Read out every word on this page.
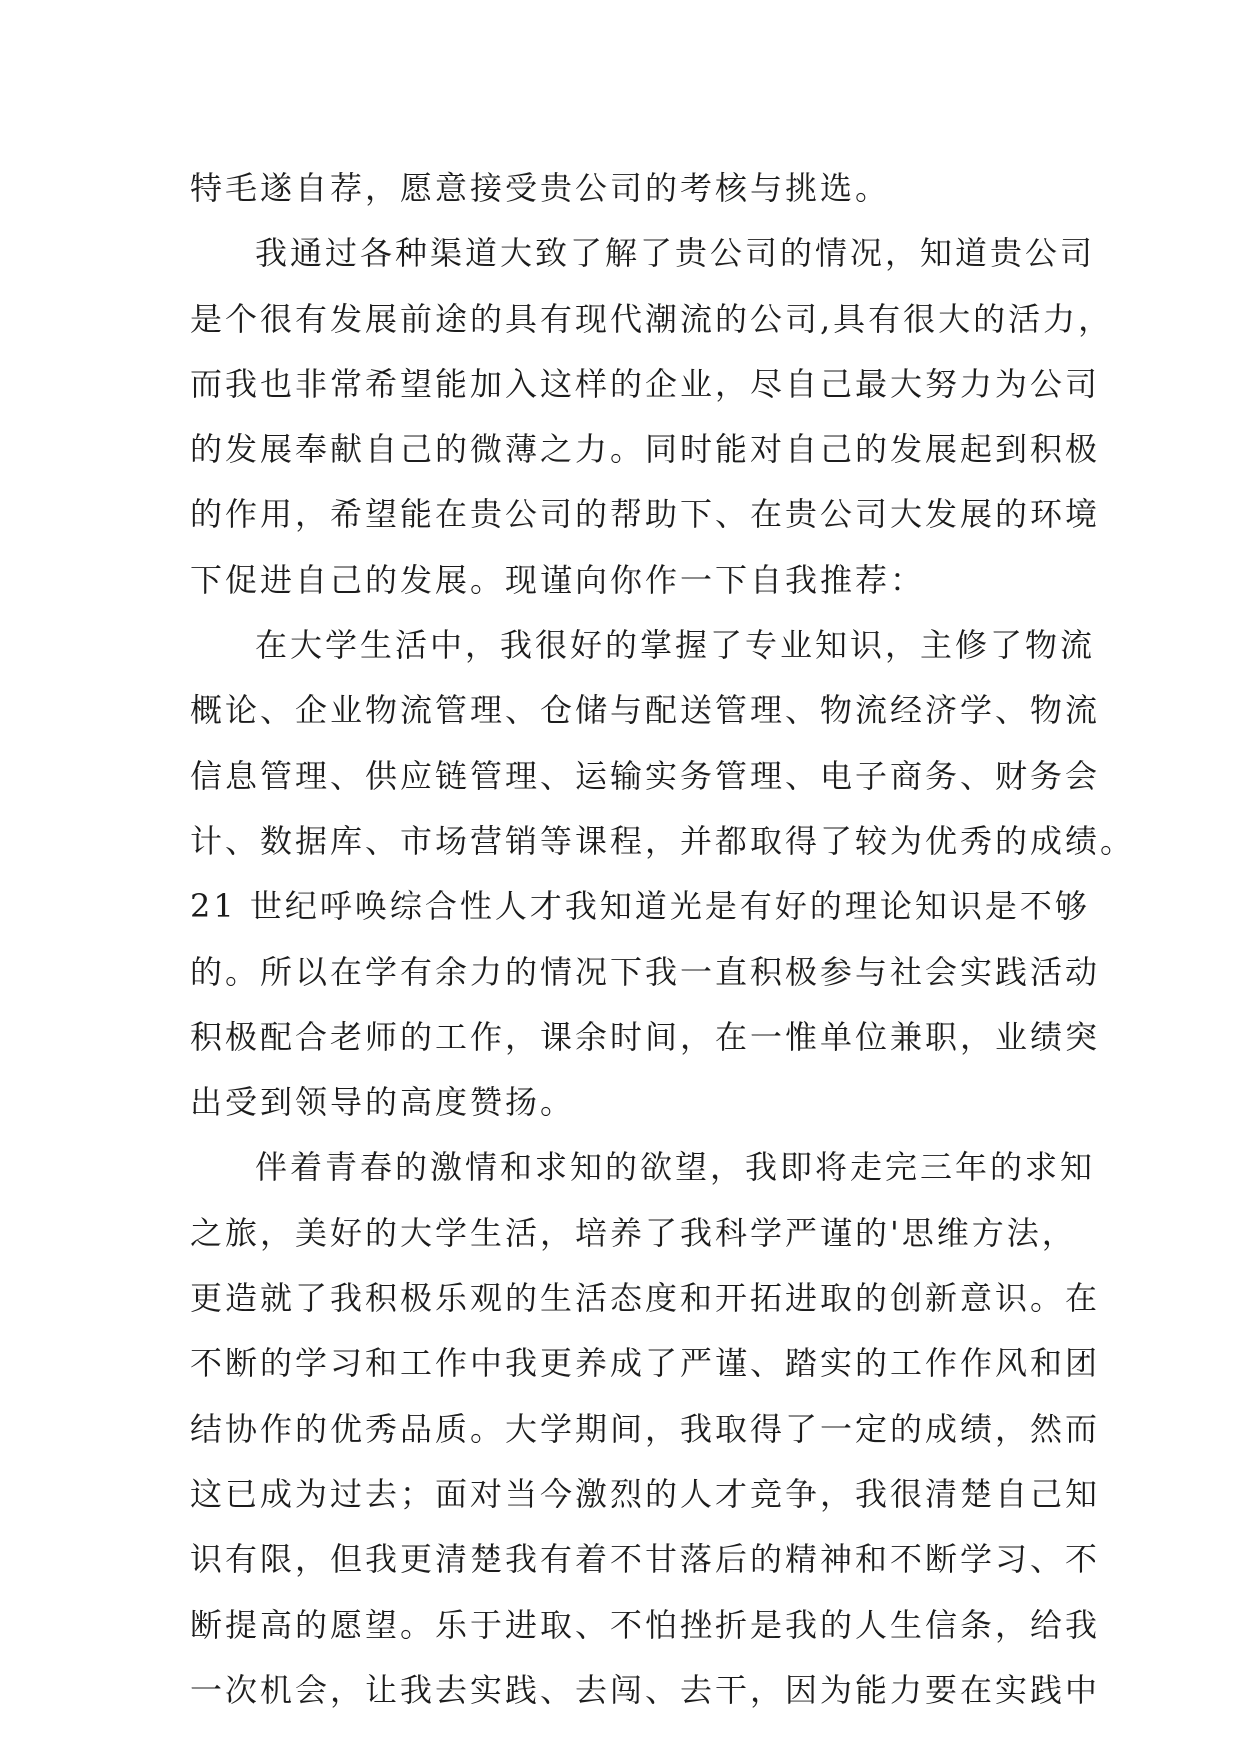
特毛遂自荐，愿意接受贵公司的考核与挑选。
我通过各种渠道大致了解了贵公司的情况，知道贵公司
是个很有发展前途的具有现代潮流的公司,具有很大的活力，
而我也非常希望能加入这样的企业，尽自己最大努力为公司
的发展奉献自己的微薄之力。同时能对自己的发展起到积极
的作用，希望能在贵公司的帮助下、在贵公司大发展的环境
下促进自己的发展。现谨向你作一下自我推荐：
在大学生活中，我很好的掌握了专业知识，主修了物流
概论、企业物流管理、仓储与配送管理、物流经济学、物流
信息管理、供应链管理、运输实务管理、电子商务、财务会
计、数据库、市场营销等课程，并都取得了较为优秀的成绩。
21 世纪呼唤综合性人才我知道光是有好的理论知识是不够
的。所以在学有余力的情况下我一直积极参与社会实践活动
积极配合老师的工作，课余时间，在一惟单位兼职，业绩突
出受到领导的高度赞扬。
伴着青春的激情和求知的欲望，我即将走完三年的求知
之旅，美好的大学生活，培养了我科学严谨的'思维方法，
更造就了我积极乐观的生活态度和开拓进取的创新意识。在
不断的学习和工作中我更养成了严谨、踏实的工作作风和团
结协作的优秀品质。大学期间，我取得了一定的成绩，然而
这已成为过去；面对当今激烈的人才竞争，我很清楚自己知
识有限，但我更清楚我有着不甘落后的精神和不断学习、不
断提高的愿望。乐于进取、不怕挫折是我的人生信条，给我
一次机会，让我去实践、去闯、去干，因为能力要在实践中
